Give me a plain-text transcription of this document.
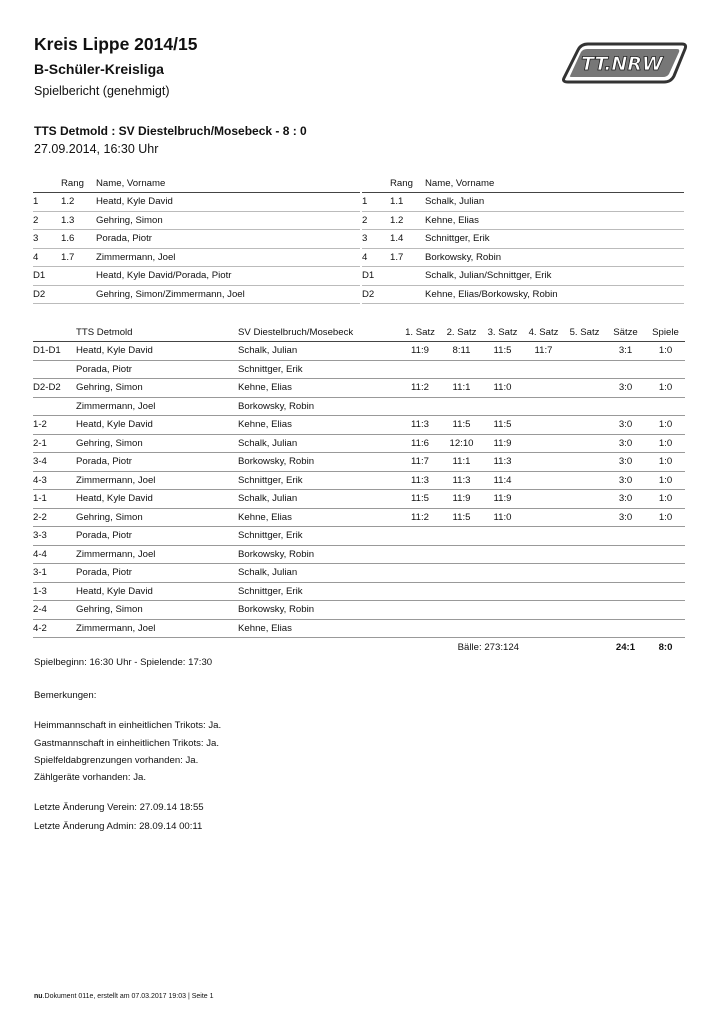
Kreis Lippe 2014/15
B-Schüler-Kreisliga
Spielbericht (genehmigt)
TT.NRW
TTS Detmold : SV Diestelbruch/Mosebeck - 8 : 0
27.09.2014, 16:30 Uhr
	Rang	Name, Vorname
1	1.2	Heatd, Kyle David
2	1.3	Gehring, Simon
3	1.6	Porada, Piotr
4	1.7	Zimmermann, Joel
D1		Heatd, Kyle David/Porada, Piotr
D2		Gehring, Simon/Zimmermann, Joel
	Rang	Name, Vorname
1	1.1	Schalk, Julian
2	1.2	Kehne, Elias
3	1.4	Schnittger, Erik
4	1.7	Borkowsky, Robin
D1		Schalk, Julian/Schnittger, Erik
D2		Kehne, Elias/Borkowsky, Robin
	TTS Detmold	SV Diestelbruch/Mosebeck	1. Satz	2. Satz	3. Satz	4. Satz	5. Satz	Sätze	Spiele
D1-D1	Heatd, Kyle David	Schalk, Julian	11:9	8:11	11:5	11:7		3:1	1:0
	Porada, Piotr	Schnittger, Erik							
D2-D2	Gehring, Simon	Kehne, Elias	11:2	11:1	11:0			3:0	1:0
	Zimmermann, Joel	Borkowsky, Robin							
1-2	Heatd, Kyle David	Kehne, Elias	11:3	11:5	11:5			3:0	1:0
2-1	Gehring, Simon	Schalk, Julian	11:6	12:10	11:9			3:0	1:0
3-4	Porada, Piotr	Borkowsky, Robin	11:7	11:1	11:3			3:0	1:0
4-3	Zimmermann, Joel	Schnittger, Erik	11:3	11:3	11:4			3:0	1:0
1-1	Heatd, Kyle David	Schalk, Julian	11:5	11:9	11:9			3:0	1:0
2-2	Gehring, Simon	Kehne, Elias	11:2	11:5	11:0			3:0	1:0
3-3	Porada, Piotr	Schnittger, Erik							
4-4	Zimmermann, Joel	Borkowsky, Robin							
3-1	Porada, Piotr	Schalk, Julian							
1-3	Heatd, Kyle David	Schnittger, Erik							
2-4	Gehring, Simon	Borkowsky, Robin							
4-2	Zimmermann, Joel	Kehne, Elias							
			Bälle: 273:124					24:1	8:0
Spielbeginn: 16:30 Uhr - Spielende: 17:30
Bemerkungen:
Heimmannschaft in einheitlichen Trikots: Ja.
Gastmannschaft in einheitlichen Trikots: Ja.
Spielfeldabgrenzungen vorhanden: Ja.
Zählgeräte vorhanden: Ja.
Letzte Änderung Verein: 27.09.14 18:55
Letzte Änderung Admin: 28.09.14 00:11
nu.Dokument 011e, erstellt am 07.03.2017 19:03 | Seite 1
